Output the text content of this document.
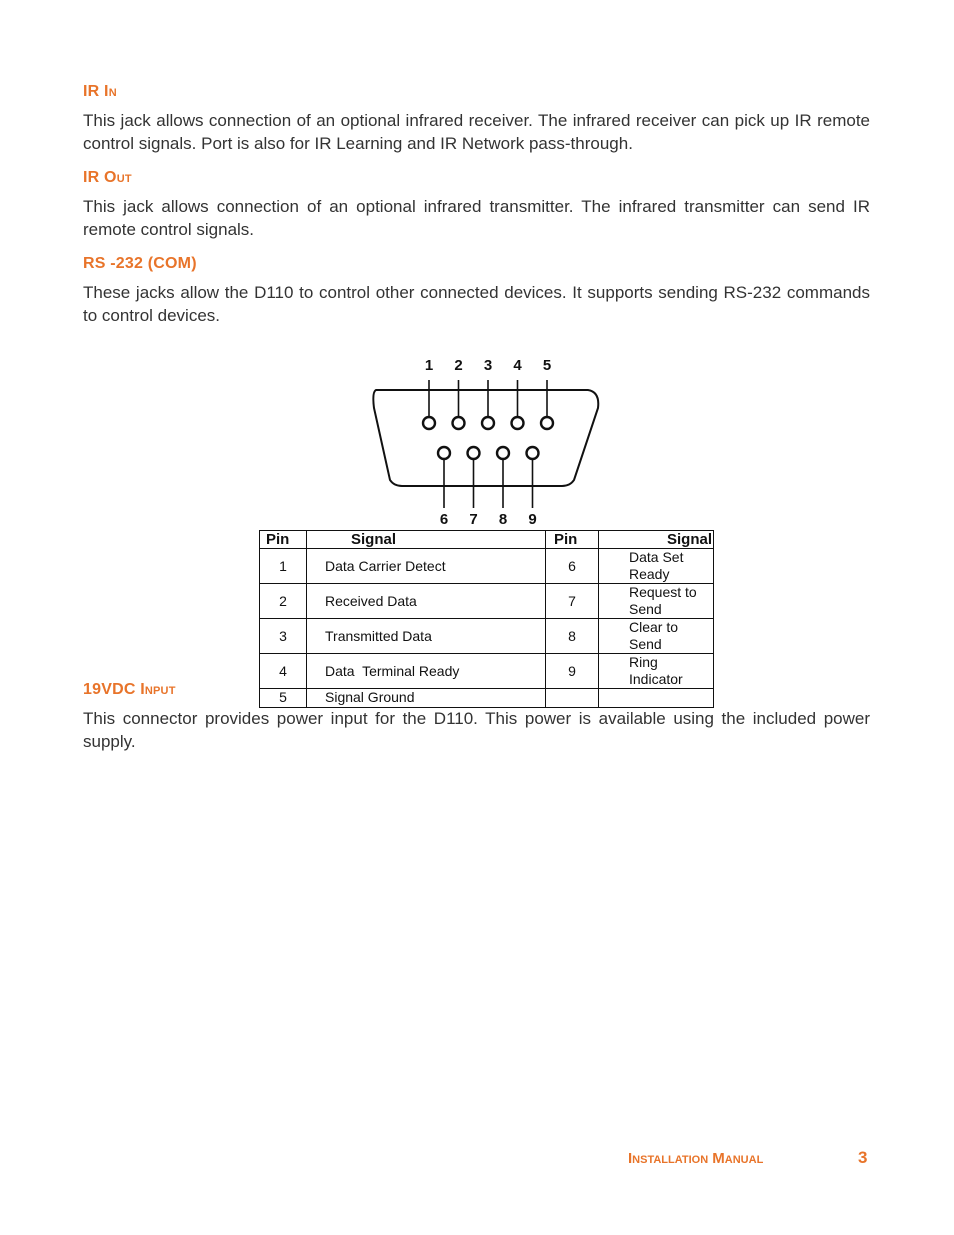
IR In
This jack allows connection of an optional infrared receiver. The infrared receiver can pick up IR remote control signals. Port is also for IR Learning and IR Network pass-through.
IR Out
This jack allows connection of an optional infrared transmitter. The infrared transmitter can send IR remote control signals.
RS -232 (COM)
These jacks allow the D110 to control other connected devices. It supports sending RS-232 commands to control devices.
1 2 3 4 5
6 7 8 9
Pin	Signal	Pin	Signal
1	Data Carrier Detect	6	Data Set Ready
2	Received Data	7	Request to Send
3	Transmitted Data	8	Clear to Send
4	Data  Terminal Ready	9	Ring Indicator
5	Signal Ground		
19VDC Input
This connector provides power input for the D110. This power is available using the included power supply.
Installation Manual	3
